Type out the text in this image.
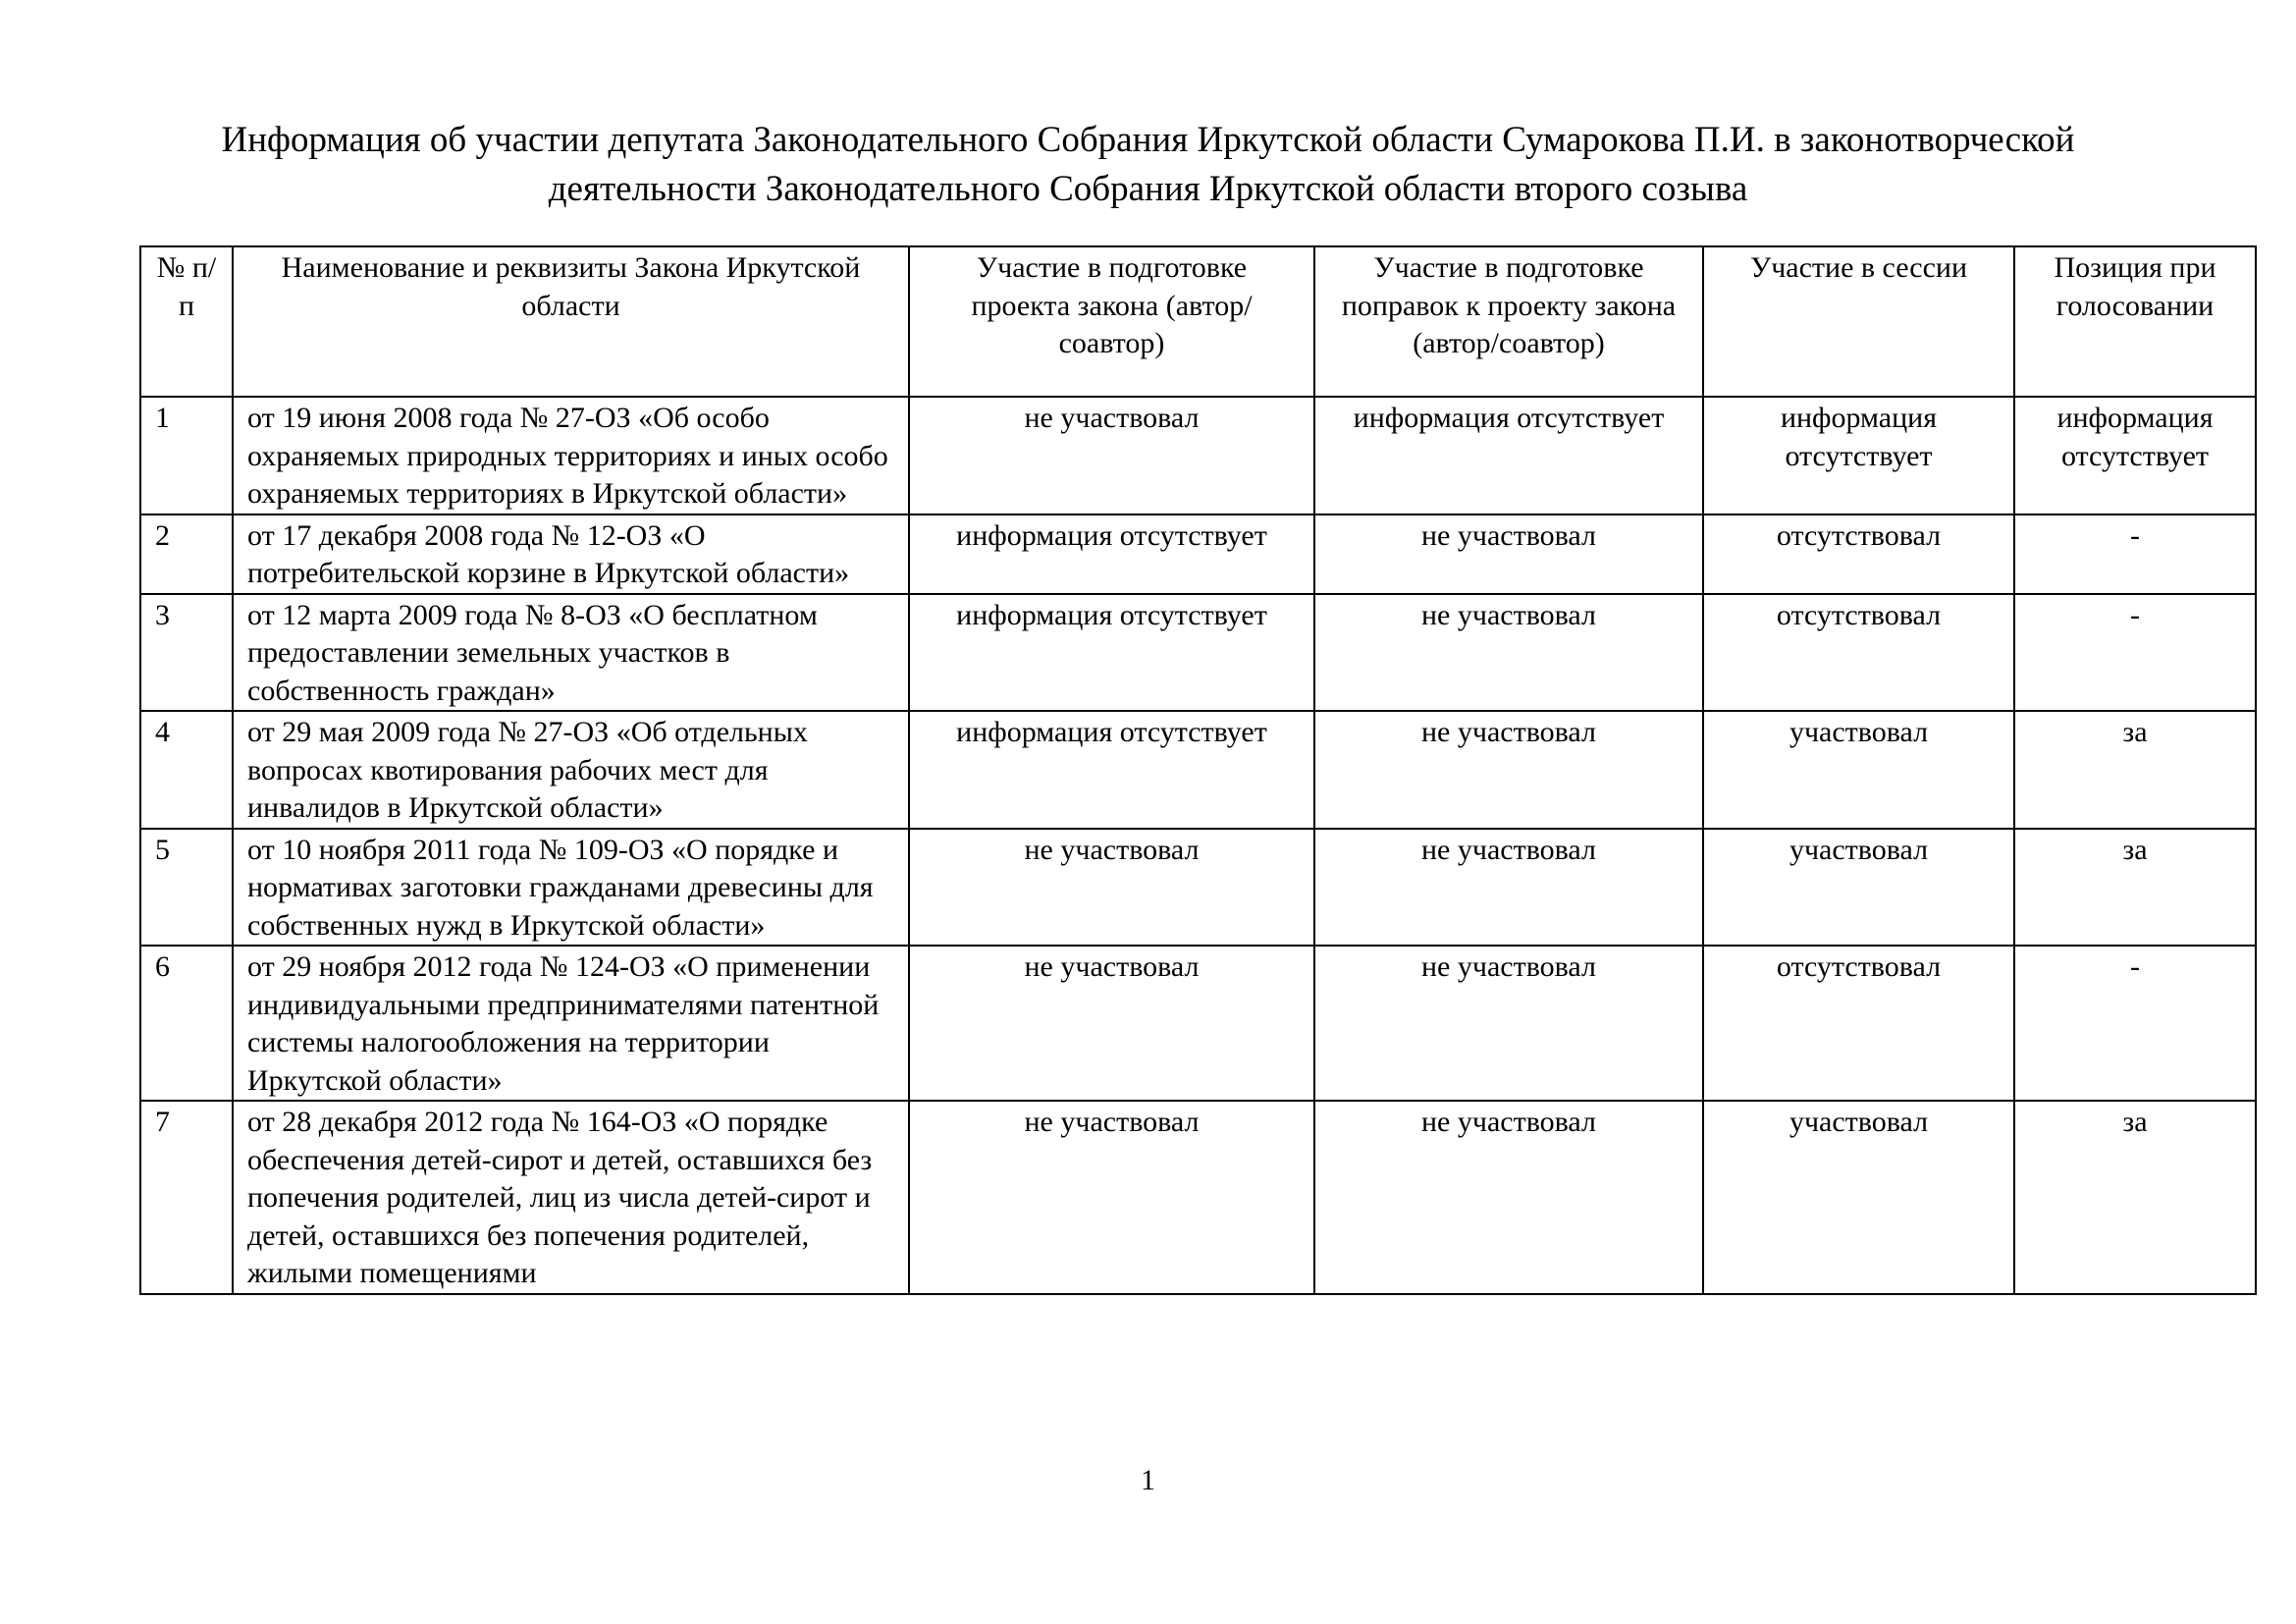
Информация об участии депутата Законодательного Собрания Иркутской области Сумарокова П.И. в законотворческой
деятельности Законодательного Собрания Иркутской области второго созыва
№ п/п	Наименование и реквизиты Закона Иркутской области	Участие в подготовке проекта закона (автор/соавтор)	Участие в подготовке поправок к проекту закона (автор/соавтор)	Участие в сессии	Позиция при голосовании
1	от 19 июня 2008 года № 27-ОЗ «Об особо охраняемых природных территориях и иных особо охраняемых территориях в Иркутской области»	не участвовал	информация отсутствует	информация отсутствует	информация отсутствует
2	от 17 декабря 2008 года № 12-ОЗ «О потребительской корзине в Иркутской области»	информация отсутствует	не участвовал	отсутствовал	-
3	от 12 марта 2009 года № 8-ОЗ «О бесплатном предоставлении земельных участков в собственность граждан»	информация отсутствует	не участвовал	отсутствовал	-
4	от 29 мая 2009 года № 27-ОЗ «Об отдельных вопросах квотирования рабочих мест для инвалидов в Иркутской области»	информация отсутствует	не участвовал	участвовал	за
5	от 10 ноября 2011 года № 109-ОЗ «О порядке и нормативах заготовки гражданами древесины для собственных нужд в Иркутской области»	не участвовал	не участвовал	участвовал	за
6	от 29 ноября 2012 года № 124-ОЗ «О применении индивидуальными предпринимателями патентной системы налогообложения на территории Иркутской области»	не участвовал	не участвовал	отсутствовал	-
7	от 28 декабря 2012 года № 164-ОЗ «О порядке обеспечения детей-сирот и детей, оставшихся без попечения родителей, лиц из числа детей-сирот и детей, оставшихся без попечения родителей, жилыми помещениями	не участвовал	не участвовал	участвовал	за
1
